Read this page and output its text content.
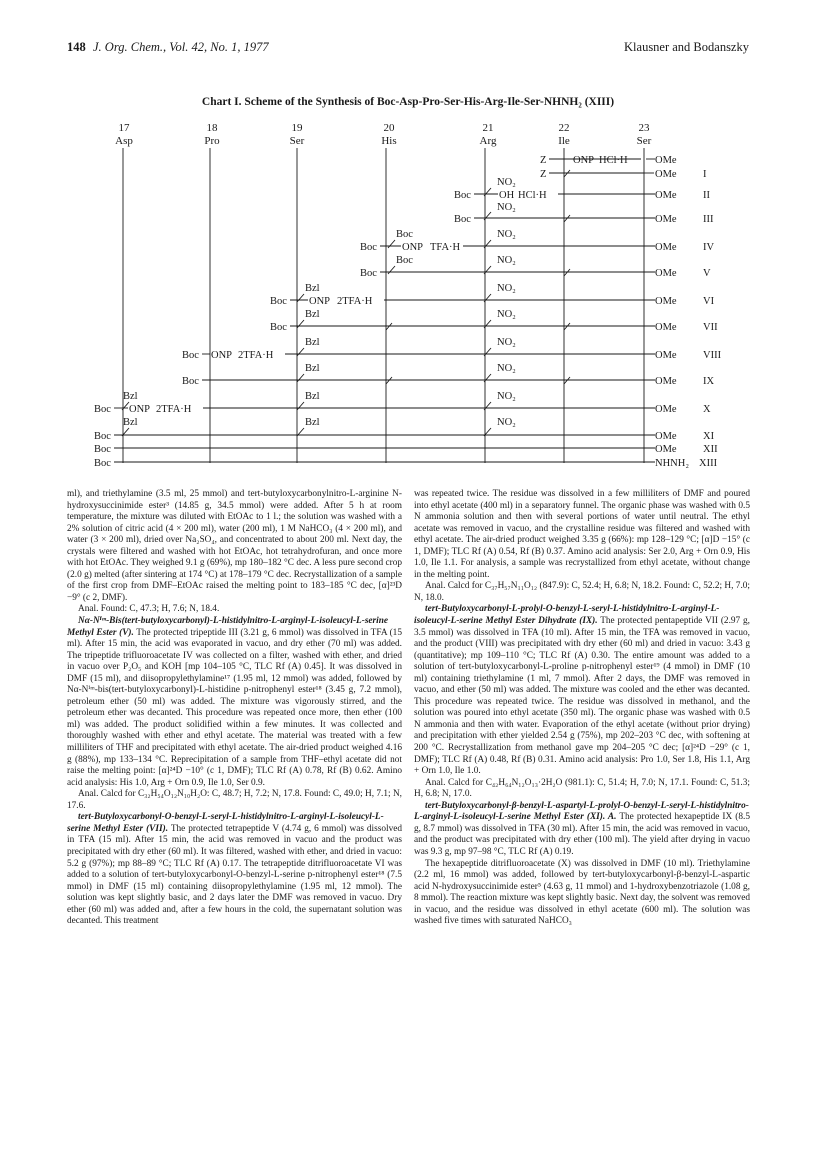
148 J. Org. Chem., Vol. 42, No. 1, 1977	Klausner and Bodanszky
Chart I. Scheme of the Synthesis of Boc-Asp-Pro-Ser-His-Arg-Ile-Ser-NHNH₂ (XIII)
17
Asp
18
Pro
19
Ser
20
His
21
Arg
22
Ile
23
Ser
Z	ONP HCl·H	OMe
Z	OMe	I
NO₂
Boc	OH HCl·H	OMe	II
NO₂
Boc	OMe	III
Boc	NO₂
Boc ONP TFA·H	OMe	IV
Boc	NO₂
Boc	OMe	V
Bzl	NO₂
Boc ONP 2TFA·H	OMe	VI
Bzl	NO₂
Boc	OMe	VII
Bzl	NO₂
Boc ONP 2TFA·H	OMe	VIII
Bzl	NO₂
Boc	OMe	IX
Bzl	Bzl	NO₂
Boc ONP 2TFA·H	OMe	X
Bzl	Bzl	NO₂
Boc	OMe	XI
Boc	OMe	XII
Boc	NHNH₂ XIII

ml), and triethylamine (3.5 ml, 25 mmol) and tert-butyloxycarbonylnitro-L-arginine N-hydroxysuccinimide ester³ (14.85 g, 34.5 mmol) were added. After 5 h at room temperature, the mixture was diluted with EtOAc to 1 l.; the solution was washed with a 2% solution of citric acid (4 × 200 ml), water (200 ml), 1 M NaHCO₃ (4 × 200 ml), and water (3 × 200 ml), dried over Na₂SO₄, and concentrated to about 200 ml. Next day, the crystals were filtered and washed with hot EtOAc, hot tetrahydrofuran, and once more with hot EtOAc. They weighed 9.1 g (69%), mp 180–182 °C dec. A less pure second crop (2.0 g) melted (after sintering at 174 °C) at 178–179 °C dec. Recrystallization of a sample of the first crop from DMF–EtOAc raised the melting point to 183–185 °C dec, [α]²³D −9° (c 2, DMF).

Anal. Found: C, 47.3; H, 7.6; N, 18.4.

Nα-Nⁱᵐ-Bis(tert-butyloxycarbonyl)-L-histidylnitro-L-arginyl-L-isoleucyl-L-serine Methyl Ester (V). The protected tripeptide III (3.21 g, 6 mmol) was dissolved in TFA (15 ml). After 15 min, the acid was evaporated in vacuo, and dry ether (70 ml) was added. The tripeptide trifluoroacetate IV was collected on a filter, washed with ether, and dried in vacuo over P₂O₅ and KOH [mp 104–105 °C, TLC Rf (A) 0.45]. It was dissolved in DMF (15 ml), and diisopropylethylamine¹⁷ (1.95 ml, 12 mmol) was added, followed by Nα-Nⁱᵐ-bis(tert-butyloxycarbonyl)-L-histidine p-nitrophenyl ester¹⁸ (3.45 g, 7.2 mmol), petroleum ether (50 ml) was added. The mixture was vigorously stirred, and the petroleum ether was decanted. This procedure was repeated once more, then ether (100 ml) was added. The product solidified within a few minutes. It was collected and thoroughly washed with ether and ethyl acetate. The material was treated with a few milliliters of THF and precipitated with ethyl acetate. The air-dried product weighed 4.16 g (88%), mp 133–134 °C. Reprecipitation of a sample from THF–ethyl acetate did not raise the melting point: [α]²⁴D −10° (c 1, DMF); TLC Rf (A) 0.78, Rf (B) 0.62. Amino acid analysis: His 1.0, Arg + Orn 0.9, Ile 1.0, Ser 0.9.

Anal. Calcd for C₃₂H₅₄O₁₂N₁₀H₂O: C, 48.7; H, 7.2; N, 17.8. Found: C, 49.0; H, 7.1; N, 17.6.

tert-Butyloxycarbonyl-O-benzyl-L-seryl-L-histidylnitro-L-arginyl-L-isoleucyl-L-serine Methyl Ester (VII). The protected tetrapeptide V (4.74 g, 6 mmol) was dissolved in TFA (15 ml). After 15 min, the acid was removed in vacuo and the product was precipitated with dry ether (60 ml). It was filtered, washed with ether, and dried in vacuo: 5.2 g (97%); mp 88–89 °C; TLC Rf (A) 0.17. The tetrapeptide ditrifluoroacetate VI was added to a solution of tert-butyloxycarbonyl-O-benzyl-L-serine p-nitrophenyl ester¹⁸ (7.5 mmol) in DMF (15 ml) containing diisopropylethylamine (1.95 ml, 12 mmol). The solution was kept slightly basic, and 2 days later the DMF was removed in vacuo. Dry ether (60 ml) was added and, after a few hours in the cold, the supernatant solution was decanted. This treatment

was repeated twice. The residue was dissolved in a few milliliters of DMF and poured into ethyl acetate (400 ml) in a separatory funnel. The organic phase was washed with 0.5 N ammonia solution and then with several portions of water until neutral. The ethyl acetate was removed in vacuo, and the crystalline residue was filtered and washed with ethyl acetate. The air-dried product weighed 3.35 g (66%): mp 128–129 °C; [α]D −15° (c 1, DMF); TLC Rf (A) 0.54, Rf (B) 0.37. Amino acid analysis: Ser 2.0, Arg + Orn 0.9, His 1.0, Ile 1.1. For analysis, a sample was recrystallized from ethyl acetate, without change in the melting point.

Anal. Calcd for C₃₇H₅₇N₁₁O₁₂ (847.9): C, 52.4; H, 6.8; N, 18.2. Found: C, 52.2; H, 7.0; N, 18.0.

tert-Butyloxycarbonyl-L-prolyl-O-benzyl-L-seryl-L-histidylnitro-L-arginyl-L-isoleucyl-L-serine Methyl Ester Dihydrate (IX). The protected pentapeptide VII (2.97 g, 3.5 mmol) was dissolved in TFA (10 ml). After 15 min, the TFA was removed in vacuo, and the product (VIII) was precipitated with dry ether (60 ml) and dried in vacuo: 3.43 g (quantitative); mp 109–110 °C; TLC Rf (A) 0.30. The entire amount was added to a solution of tert-butyloxycarbonyl-L-proline p-nitrophenyl ester¹⁹ (4 mmol) in DMF (10 ml) containing triethylamine (1 ml, 7 mmol). After 2 days, the DMF was removed in vacuo, and ether (50 ml) was added. The mixture was cooled and the ether was decanted. This procedure was repeated twice. The residue was dissolved in methanol, and the solution was poured into ethyl acetate (350 ml). The organic phase was washed with 0.5 N ammonia and then with water. Evaporation of the ethyl acetate (without prior drying) and precipitation with ether yielded 2.54 g (75%), mp 202–203 °C dec, with softening at 200 °C. Recrystallization from methanol gave mp 204–205 °C dec; [α]²⁴D −29° (c 1, DMF); TLC Rf (A) 0.48, Rf (B) 0.31. Amino acid analysis: Pro 1.0, Ser 1.8, His 1.1, Arg + Orn 1.0, Ile 1.0.

Anal. Calcd for C₄₂H₆₄N₁₂O₁₃·2H₂O (981.1): C, 51.4; H, 7.0; N, 17.1. Found: C, 51.3; H, 6.8; N, 17.0.

tert-Butyloxycarbonyl-β-benzyl-L-aspartyl-L-prolyl-O-benzyl-L-seryl-L-histidylnitro-L-arginyl-L-isoleucyl-L-serine Methyl Ester (XI). A. The protected hexapeptide IX (8.5 g, 8.7 mmol) was dissolved in TFA (30 ml). After 15 min, the acid was removed in vacuo, and the product was precipitated with dry ether (100 ml). The yield after drying in vacuo was 9.3 g, mp 97–98 °C, TLC Rf (A) 0.19.

The hexapeptide ditrifluoroacetate (X) was dissolved in DMF (10 ml). Triethylamine (2.2 ml, 16 mmol) was added, followed by tert-butyloxycarbonyl-β-benzyl-L-aspartic acid N-hydroxysuccinimide ester⁵ (4.63 g, 11 mmol) and 1-hydroxybenzotriazole (1.08 g, 8 mmol). The reaction mixture was kept slightly basic. Next day, the solvent was removed in vacuo, and the residue was dissolved in ethyl acetate (600 ml). The solution was washed five times with saturated NaHCO₃
